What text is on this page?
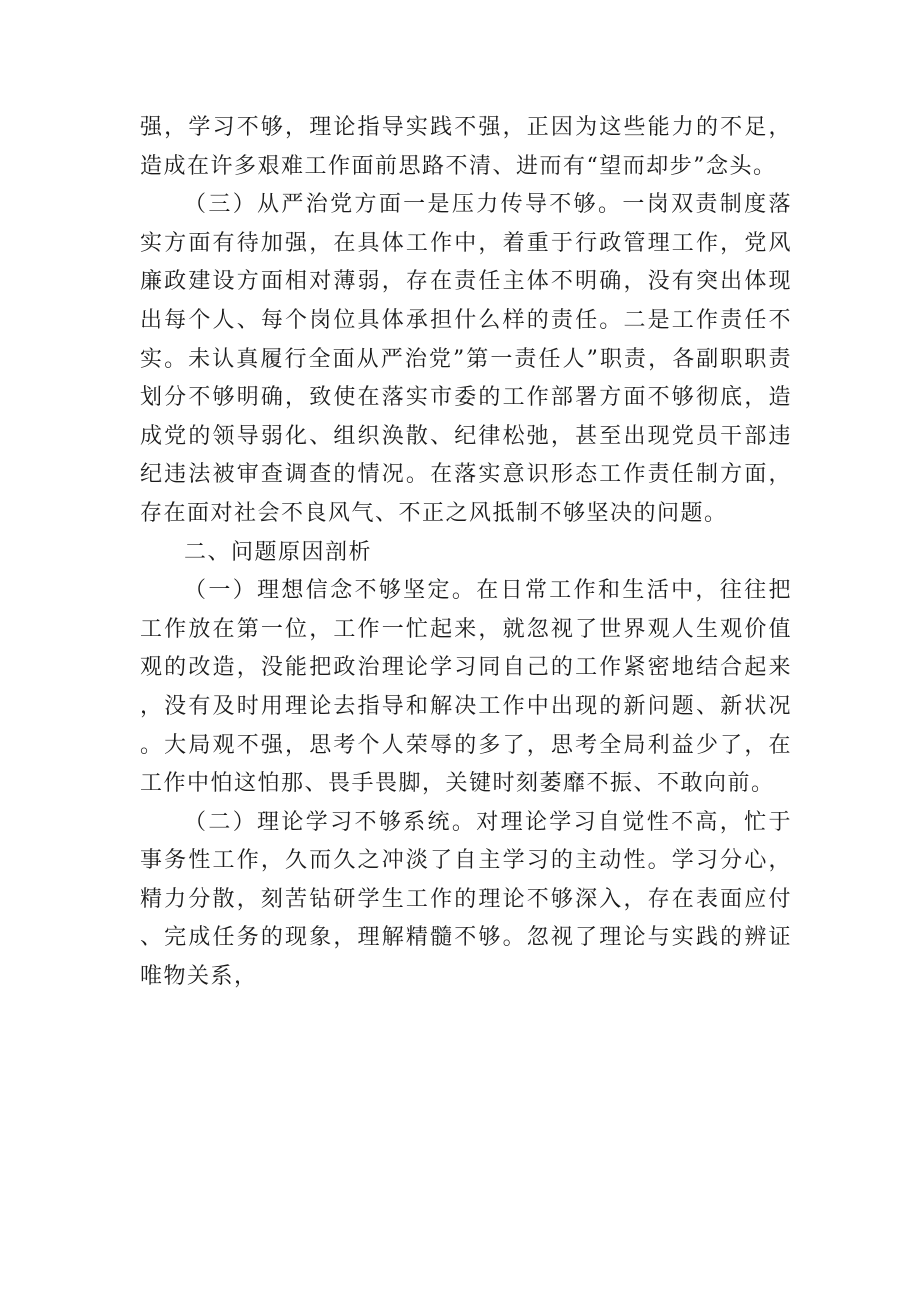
强，学习不够，理论指导实践不强，正因为这些能力的不足，造成在许多艰难工作面前思路不清、进而有“望而却步”念头。

（三）从严治党方面一是压力传导不够。一岗双责制度落实方面有待加强，在具体工作中，着重于行政管理工作，党风廉政建设方面相对薄弱，存在责任主体不明确，没有突出体现出每个人、每个岗位具体承担什么样的责任。二是工作责任不实。未认真履行全面从严治党”第一责任人”职责，各副职职责划分不够明确，致使在落实市委的工作部署方面不够彻底，造成党的领导弱化、组织涣散、纪律松弛，甚至出现党员干部违纪违法被审查调查的情况。在落实意识形态工作责任制方面，存在面对社会不良风气、不正之风抵制不够坚决的问题。

二、问题原因剖析

（一）理想信念不够坚定。在日常工作和生活中，往往把工作放在第一位，工作一忙起来，就忽视了世界观人生观价值观的改造，没能把政治理论学习同自己的工作紧密地结合起来，没有及时用理论去指导和解决工作中出现的新问题、新状况。大局观不强，思考个人荣辱的多了，思考全局利益少了，在工作中怕这怕那、畏手畏脚，关键时刻萎靡不振、不敢向前。

（二）理论学习不够系统。对理论学习自觉性不高，忙于事务性工作，久而久之冲淡了自主学习的主动性。学习分心，精力分散，刻苦钻研学生工作的理论不够深入，存在表面应付、完成任务的现象，理解精髓不够。忽视了理论与实践的辨证唯物关系，
